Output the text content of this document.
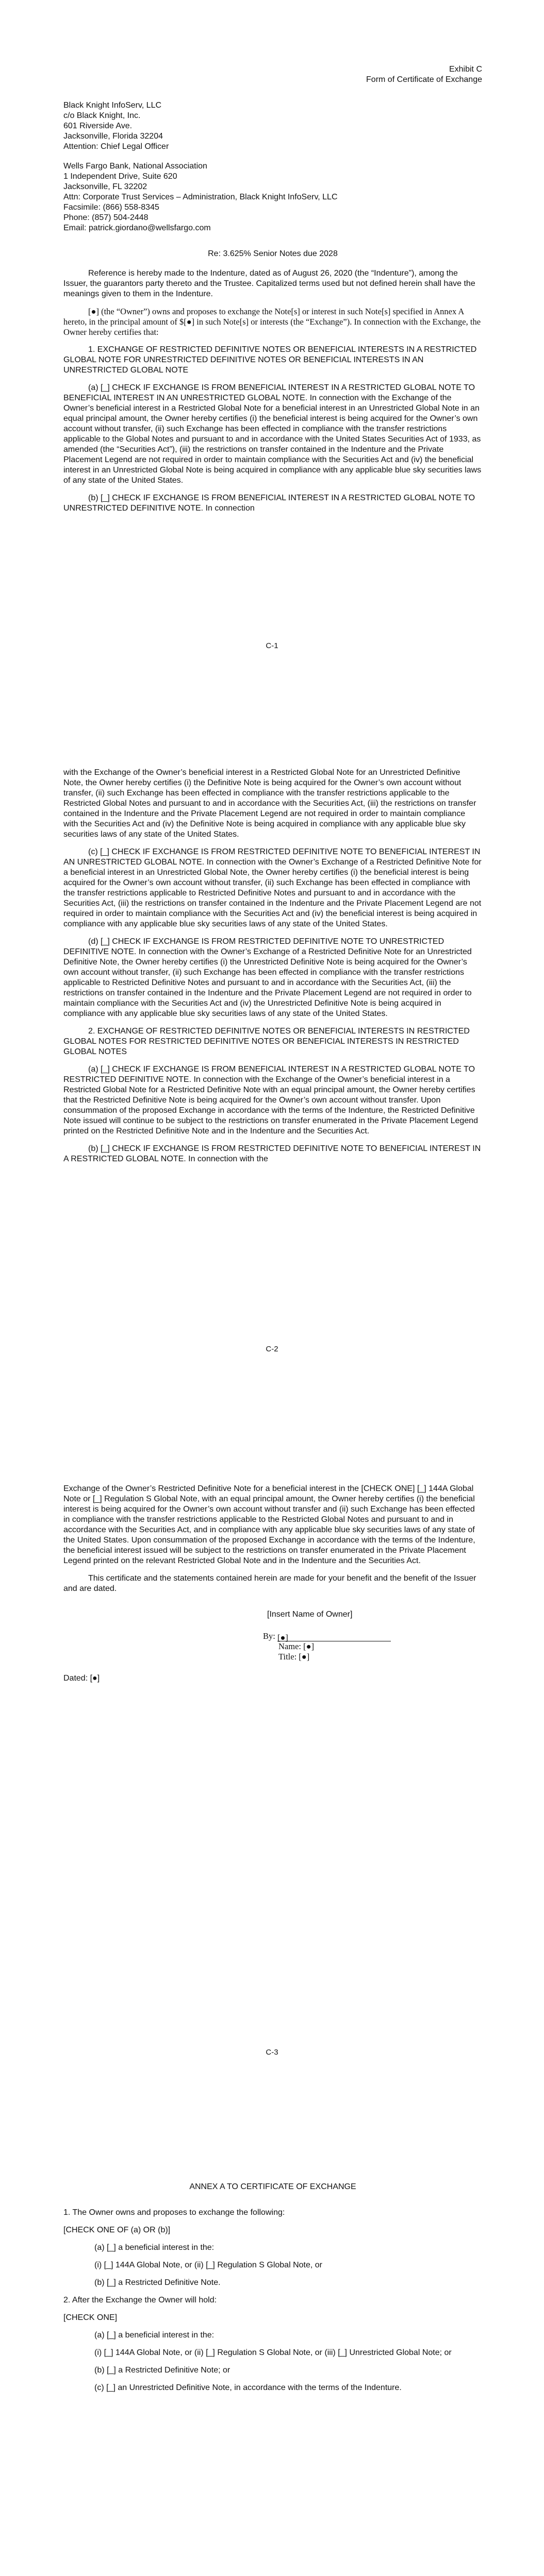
Exhibit C

Form of Certificate of Exchange

Black Knight InfoServ, LLC

c/o Black Knight, Inc.

601 Riverside Ave.

Jacksonville, Florida 32204

Attention: Chief Legal Officer

Wells Fargo Bank, National Association

1 Independent Drive, Suite 620

Jacksonville, FL 32202

Attn: Corporate Trust Services – Administration, Black Knight InfoServ, LLC

Facsimile: (866) 558-8345

Phone: (857) 504-2448

Email: patrick.giordano@wellsfargo.com

Re: 3.625% Senior Notes due 2028

Reference is hereby made to the Indenture, dated as of August 26, 2020 (the “Indenture”), among the Issuer, the guarantors party thereto and the Trustee. Capitalized terms used but not defined herein shall have the meanings given to them in the Indenture.

[●] (the “Owner”) owns and proposes to exchange the Note[s] or interest in such Note[s] specified in Annex A hereto, in the principal amount of $[●] in such Note[s] or interests (the “Exchange”). In connection with the Exchange, the Owner hereby certifies that:

1. EXCHANGE OF RESTRICTED DEFINITIVE NOTES OR BENEFICIAL INTERESTS IN A RESTRICTED GLOBAL NOTE FOR UNRESTRICTED DEFINITIVE NOTES OR BENEFICIAL INTERESTS IN AN UNRESTRICTED GLOBAL NOTE

(a) [_] CHECK IF EXCHANGE IS FROM BENEFICIAL INTEREST IN A RESTRICTED GLOBAL NOTE TO BENEFICIAL INTEREST IN AN UNRESTRICTED GLOBAL NOTE. In connection with the Exchange of the Owner’s beneficial interest in a Restricted Global Note for a beneficial interest in an Unrestricted Global Note in an equal principal amount, the Owner hereby certifies (i) the beneficial interest is being acquired for the Owner’s own account without transfer, (ii) such Exchange has been effected in compliance with the transfer restrictions applicable to the Global Notes and pursuant to and in accordance with the United States Securities Act of 1933, as amended (the “Securities Act”), (iii) the restrictions on transfer contained in the Indenture and the Private Placement Legend are not required in order to maintain compliance with the Securities Act and (iv) the beneficial interest in an Unrestricted Global Note is being acquired in compliance with any applicable blue sky securities laws of any state of the United States.

(b) [_] CHECK IF EXCHANGE IS FROM BENEFICIAL INTEREST IN A RESTRICTED GLOBAL NOTE TO UNRESTRICTED DEFINITIVE NOTE. In connection

C-1

with the Exchange of the Owner’s beneficial interest in a Restricted Global Note for an Unrestricted Definitive Note, the Owner hereby certifies (i) the Definitive Note is being acquired for the Owner’s own account without transfer, (ii) such Exchange has been effected in compliance with the transfer restrictions applicable to the Restricted Global Notes and pursuant to and in accordance with the Securities Act, (iii) the restrictions on transfer contained in the Indenture and the Private Placement Legend are not required in order to maintain compliance with the Securities Act and (iv) the Definitive Note is being acquired in compliance with any applicable blue sky securities laws of any state of the United States.

(c) [_] CHECK IF EXCHANGE IS FROM RESTRICTED DEFINITIVE NOTE TO BENEFICIAL INTEREST IN AN UNRESTRICTED GLOBAL NOTE. In connection with the Owner’s Exchange of a Restricted Definitive Note for a beneficial interest in an Unrestricted Global Note, the Owner hereby certifies (i) the beneficial interest is being acquired for the Owner’s own account without transfer, (ii) such Exchange has been effected in compliance with the transfer restrictions applicable to Restricted Definitive Notes and pursuant to and in accordance with the Securities Act, (iii) the restrictions on transfer contained in the Indenture and the Private Placement Legend are not required in order to maintain compliance with the Securities Act and (iv) the beneficial interest is being acquired in compliance with any applicable blue sky securities laws of any state of the United States.

(d) [_] CHECK IF EXCHANGE IS FROM RESTRICTED DEFINITIVE NOTE TO UNRESTRICTED DEFINITIVE NOTE. In connection with the Owner’s Exchange of a Restricted Definitive Note for an Unrestricted Definitive Note, the Owner hereby certifies (i) the Unrestricted Definitive Note is being acquired for the Owner’s own account without transfer, (ii) such Exchange has been effected in compliance with the transfer restrictions applicable to Restricted Definitive Notes and pursuant to and in accordance with the Securities Act, (iii) the restrictions on transfer contained in the Indenture and the Private Placement Legend are not required in order to maintain compliance with the Securities Act and (iv) the Unrestricted Definitive Note is being acquired in compliance with any applicable blue sky securities laws of any state of the United States.

2. EXCHANGE OF RESTRICTED DEFINITIVE NOTES OR BENEFICIAL INTERESTS IN RESTRICTED GLOBAL NOTES FOR RESTRICTED DEFINITIVE NOTES OR BENEFICIAL INTERESTS IN RESTRICTED GLOBAL NOTES

(a) [_] CHECK IF EXCHANGE IS FROM BENEFICIAL INTEREST IN A RESTRICTED GLOBAL NOTE TO RESTRICTED DEFINITIVE NOTE. In connection with the Exchange of the Owner’s beneficial interest in a Restricted Global Note for a Restricted Definitive Note with an equal principal amount, the Owner hereby certifies that the Restricted Definitive Note is being acquired for the Owner’s own account without transfer. Upon consummation of the proposed Exchange in accordance with the terms of the Indenture, the Restricted Definitive Note issued will continue to be subject to the restrictions on transfer enumerated in the Private Placement Legend printed on the Restricted Definitive Note and in the Indenture and the Securities Act.

(b) [_] CHECK IF EXCHANGE IS FROM RESTRICTED DEFINITIVE NOTE TO BENEFICIAL INTEREST IN A RESTRICTED GLOBAL NOTE. In connection with the

C-2

Exchange of the Owner’s Restricted Definitive Note for a beneficial interest in the [CHECK ONE] [_] 144A Global Note or [_] Regulation S Global Note, with an equal principal amount, the Owner hereby certifies (i) the beneficial interest is being acquired for the Owner’s own account without transfer and (ii) such Exchange has been effected in compliance with the transfer restrictions applicable to the Restricted Global Notes and pursuant to and in accordance with the Securities Act, and in compliance with any applicable blue sky securities laws of any state of the United States. Upon consummation of the proposed Exchange in accordance with the terms of the Indenture, the beneficial interest issued will be subject to the restrictions on transfer enumerated in the Private Placement Legend printed on the relevant Restricted Global Note and in the Indenture and the Securities Act.

This certificate and the statements contained herein are made for your benefit and the benefit of the Issuer and are dated.

[Insert Name of Owner]

By: [●]

Name: [●]

Title: [●]

Dated: [●]

C-3

ANNEX A TO CERTIFICATE OF EXCHANGE

1. The Owner owns and proposes to exchange the following:

[CHECK ONE OF (a) OR (b)]

(a) [_] a beneficial interest in the:

(i) [_] 144A Global Note, or (ii) [_] Regulation S Global Note, or

(b) [_] a Restricted Definitive Note.

2. After the Exchange the Owner will hold:

[CHECK ONE]

(a) [_] a beneficial interest in the:

(i) [_] 144A Global Note, or (ii) [_] Regulation S Global Note, or (iii) [_] Unrestricted Global Note; or

(b) [_] a Restricted Definitive Note; or

(c) [_] an Unrestricted Definitive Note, in accordance with the terms of the Indenture.
